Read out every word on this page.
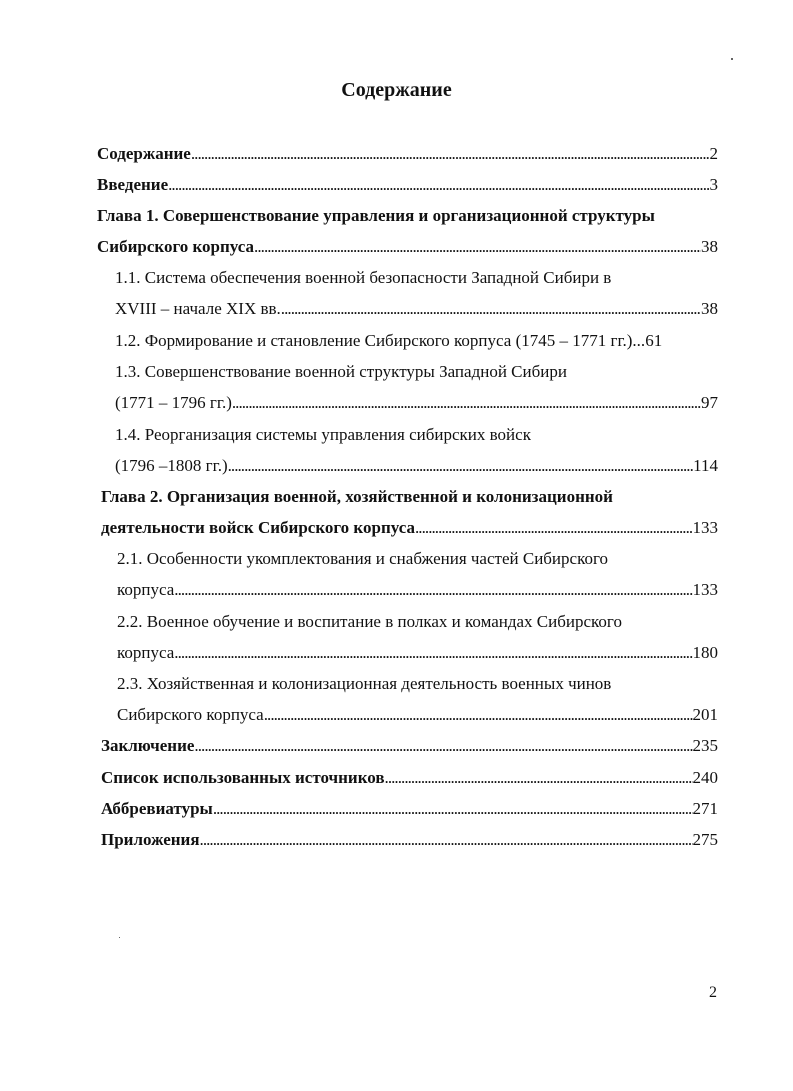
Содержание
Содержание . . .	2
Введение . . .	3
Глава 1. Совершенствование управления и организационной структуры
Сибирского корпуса . . .	38
1.1. Система обеспечения военной безопасности Западной Сибири в
XVIII – начале XIX вв. . . .	38
1.2. Формирование и становление Сибирского корпуса (1745 – 1771 гг.)... 61
1.3. Совершенствование военной структуры Западной Сибири
(1771 – 1796 гг.) . . .	97
1.4. Реорганизация системы управления сибирских войск
(1796 –1808 гг.) . . .	114
Глава 2. Организация военной, хозяйственной и колонизационной
деятельности войск Сибирского корпуса . . .	133
2.1. Особенности укомплектования и снабжения частей Сибирского
корпуса . . .	133
2.2. Военное обучение и воспитание в полках и командах Сибирского
корпуса . . .	180
2.3. Хозяйственная и колонизационная деятельность военных чинов
Сибирского корпуса . . .	201
Заключение . . .	235
Список использованных источников . . .	240
Аббревиатуры . . .	271
Приложения . . .	275
2
